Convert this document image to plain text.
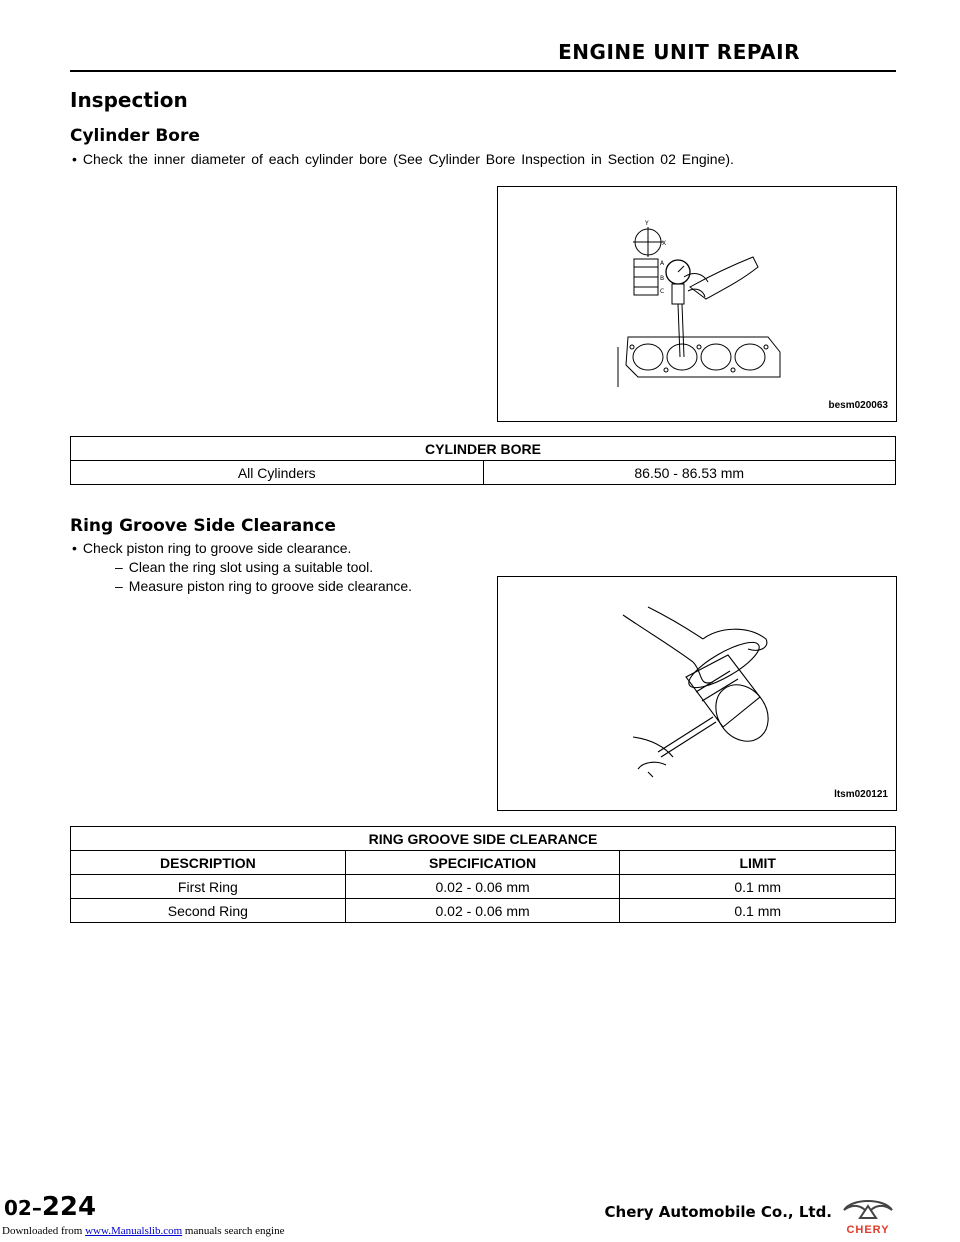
ENGINE UNIT REPAIR
Inspection
Cylinder Bore
• Check the inner diameter of each cylinder bore (See Cylinder Bore Inspection in Section 02 Engine).
Y
X
A
B
C
besm020063
CYLINDER BORE
All Cylinders	86.50 - 86.53 mm
Ring Groove Side Clearance
• Check piston ring to groove side clearance.
– Clean the ring slot using a suitable tool.
– Measure piston ring to groove side clearance.
ltsm020121
RING GROOVE SIDE CLEARANCE		
DESCRIPTION	SPECIFICATION	LIMIT
First Ring	0.02 - 0.06 mm	0.1 mm
Second Ring	0.02 - 0.06 mm	0.1 mm
02–224	Chery Automobile Co., Ltd.
CHERY
Downloaded from www.Manualslib.com manuals search engine
